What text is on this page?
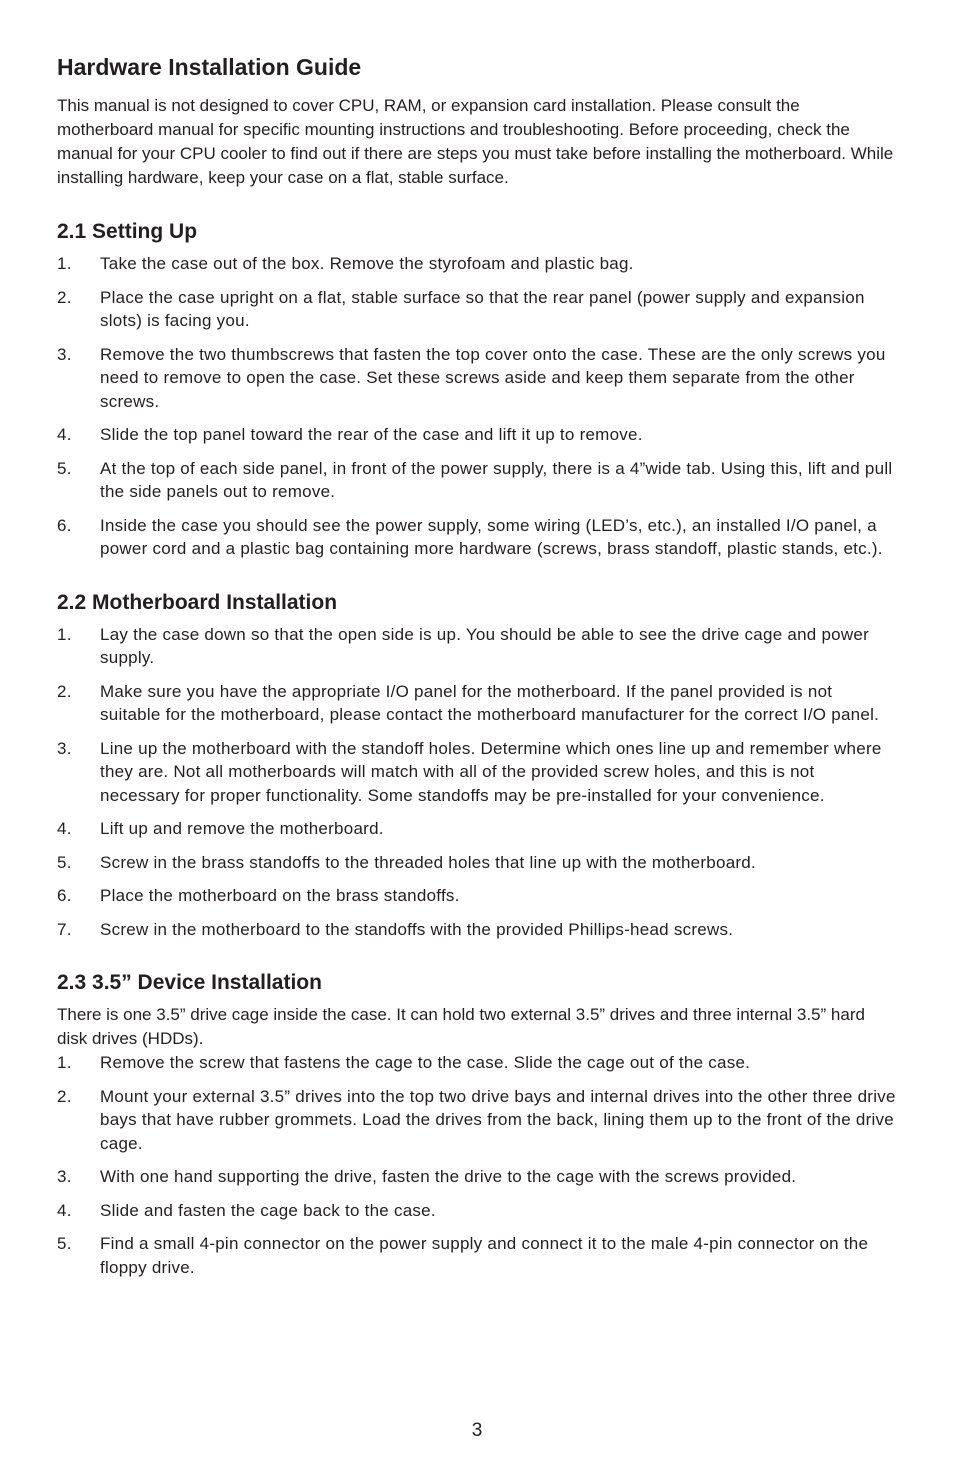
Hardware Installation Guide

This manual is not designed to cover CPU, RAM, or expansion card installation. Please consult the motherboard manual for specific mounting instructions and troubleshooting. Before proceeding, check the manual for your CPU cooler to find out if there are steps you must take before installing the motherboard. While installing hardware, keep your case on a flat, stable surface.

2.1 Setting Up
1.	Take the case out of the box. Remove the styrofoam and plastic bag.
2.	Place the case upright on a flat, stable surface so that the rear panel (power supply and expansion slots) is facing you.
3.	Remove the two thumbscrews that fasten the top cover onto the case. These are the only screws you need to remove to open the case. Set these screws aside and keep them separate from the other screws.
4.	Slide the top panel toward the rear of the case and lift it up to remove.
5.	At the top of each side panel, in front of the power supply, there is a 4”wide tab. Using this, lift and pull the side panels out to remove.
6.	Inside the case you should see the power supply, some wiring (LED’s, etc.), an installed I/O panel, a power cord and a plastic bag containing more hardware (screws, brass standoff, plastic stands, etc.).
2.2 Motherboard Installation
1.	Lay the case down so that the open side is up. You should be able to see the drive cage and power supply.
2.	Make sure you have the appropriate I/O panel for the motherboard. If the panel provided is not suitable for the motherboard, please contact the motherboard manufacturer for the correct I/O panel.
3.	Line up the motherboard with the standoff holes. Determine which ones line up and remember where they are. Not all motherboards will match with all of the provided screw holes, and this is not necessary for proper functionality. Some standoffs may be pre-installed for your convenience.
4.	Lift up and remove the motherboard.
5.	Screw in the brass standoffs to the threaded holes that line up with the motherboard.
6.	Place the motherboard on the brass standoffs.
7.	Screw in the motherboard to the standoffs with the provided Phillips-head screws.
2.3 3.5” Device Installation

There is one 3.5” drive cage inside the case. It can hold two external 3.5” drives and three internal 3.5” hard disk drives (HDDs).

1.	Remove the screw that fastens the cage to the case. Slide the cage out of the case.
2.	Mount your external 3.5” drives into the top two drive bays and internal drives into the other three drive bays that have rubber grommets. Load the drives from the back, lining them up to the front of the drive cage.
3.	With one hand supporting the drive, fasten the drive to the cage with the screws provided.
4.	Slide and fasten the cage back to the case.
5.	Find a small 4-pin connector on the power supply and connect it to the male 4-pin connector on the floppy drive.
3
